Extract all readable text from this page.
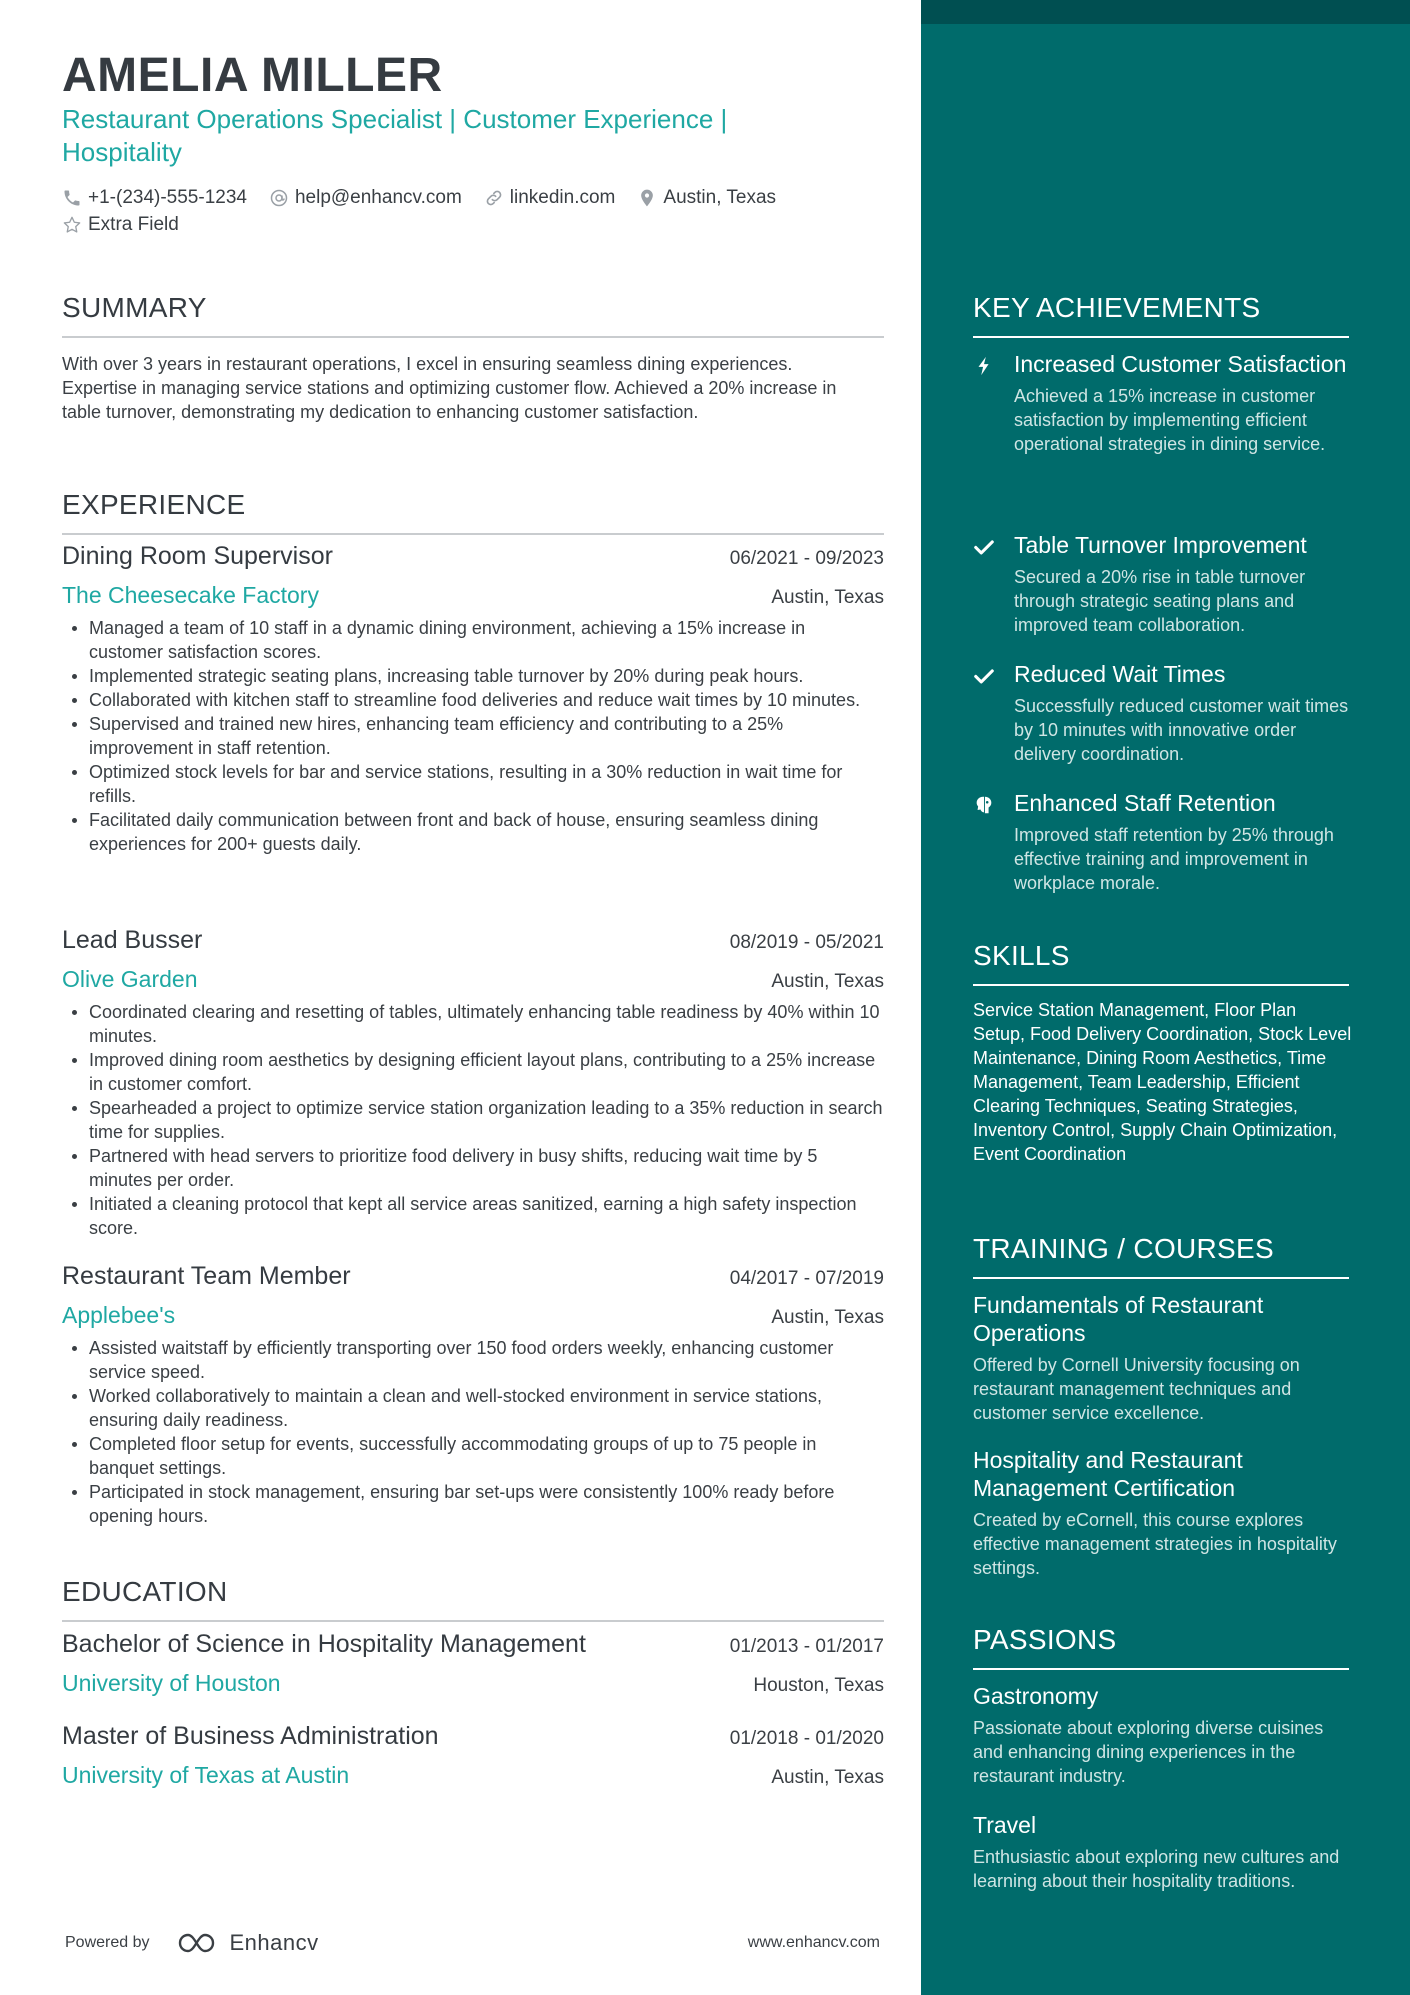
AMELIA MILLER
Restaurant Operations Specialist | Customer Experience | Hospitality
+1-(234)-555-1234	help@enhancv.com	linkedin.com	Austin, Texas
Extra Field
SUMMARY
With over 3 years in restaurant operations, I excel in ensuring seamless dining experiences. Expertise in managing service stations and optimizing customer flow. Achieved a 20% increase in table turnover, demonstrating my dedication to enhancing customer satisfaction.
EXPERIENCE
Dining Room Supervisor	06/2021 - 09/2023
The Cheesecake Factory	Austin, Texas
Managed a team of 10 staff in a dynamic dining environment, achieving a 15% increase in customer satisfaction scores.
Implemented strategic seating plans, increasing table turnover by 20% during peak hours.
Collaborated with kitchen staff to streamline food deliveries and reduce wait times by 10 minutes.
Supervised and trained new hires, enhancing team efficiency and contributing to a 25% improvement in staff retention.
Optimized stock levels for bar and service stations, resulting in a 30% reduction in wait time for refills.
Facilitated daily communication between front and back of house, ensuring seamless dining experiences for 200+ guests daily.
Lead Busser	08/2019 - 05/2021
Olive Garden	Austin, Texas
Coordinated clearing and resetting of tables, ultimately enhancing table readiness by 40% within 10 minutes.
Improved dining room aesthetics by designing efficient layout plans, contributing to a 25% increase in customer comfort.
Spearheaded a project to optimize service station organization leading to a 35% reduction in search time for supplies.
Partnered with head servers to prioritize food delivery in busy shifts, reducing wait time by 5 minutes per order.
Initiated a cleaning protocol that kept all service areas sanitized, earning a high safety inspection score.
Restaurant Team Member	04/2017 - 07/2019
Applebee's	Austin, Texas
Assisted waitstaff by efficiently transporting over 150 food orders weekly, enhancing customer service speed.
Worked collaboratively to maintain a clean and well-stocked environment in service stations, ensuring daily readiness.
Completed floor setup for events, successfully accommodating groups of up to 75 people in banquet settings.
Participated in stock management, ensuring bar set-ups were consistently 100% ready before opening hours.
EDUCATION
Bachelor of Science in Hospitality Management	01/2013 - 01/2017
University of Houston	Houston, Texas
Master of Business Administration	01/2018 - 01/2020
University of Texas at Austin	Austin, Texas
Powered by	Enhancv	www.enhancv.com
KEY ACHIEVEMENTS
Increased Customer Satisfaction
Achieved a 15% increase in customer satisfaction by implementing efficient operational strategies in dining service.
Table Turnover Improvement
Secured a 20% rise in table turnover through strategic seating plans and improved team collaboration.
Reduced Wait Times
Successfully reduced customer wait times by 10 minutes with innovative order delivery coordination.
Enhanced Staff Retention
Improved staff retention by 25% through effective training and improvement in workplace morale.
SKILLS
Service Station Management, Floor Plan Setup, Food Delivery Coordination, Stock Level Maintenance, Dining Room Aesthetics, Time Management, Team Leadership, Efficient Clearing Techniques, Seating Strategies, Inventory Control, Supply Chain Optimization, Event Coordination
TRAINING / COURSES
Fundamentals of Restaurant Operations
Offered by Cornell University focusing on restaurant management techniques and customer service excellence.
Hospitality and Restaurant Management Certification
Created by eCornell, this course explores effective management strategies in hospitality settings.
PASSIONS
Gastronomy
Passionate about exploring diverse cuisines and enhancing dining experiences in the restaurant industry.
Travel
Enthusiastic about exploring new cultures and learning about their hospitality traditions.
